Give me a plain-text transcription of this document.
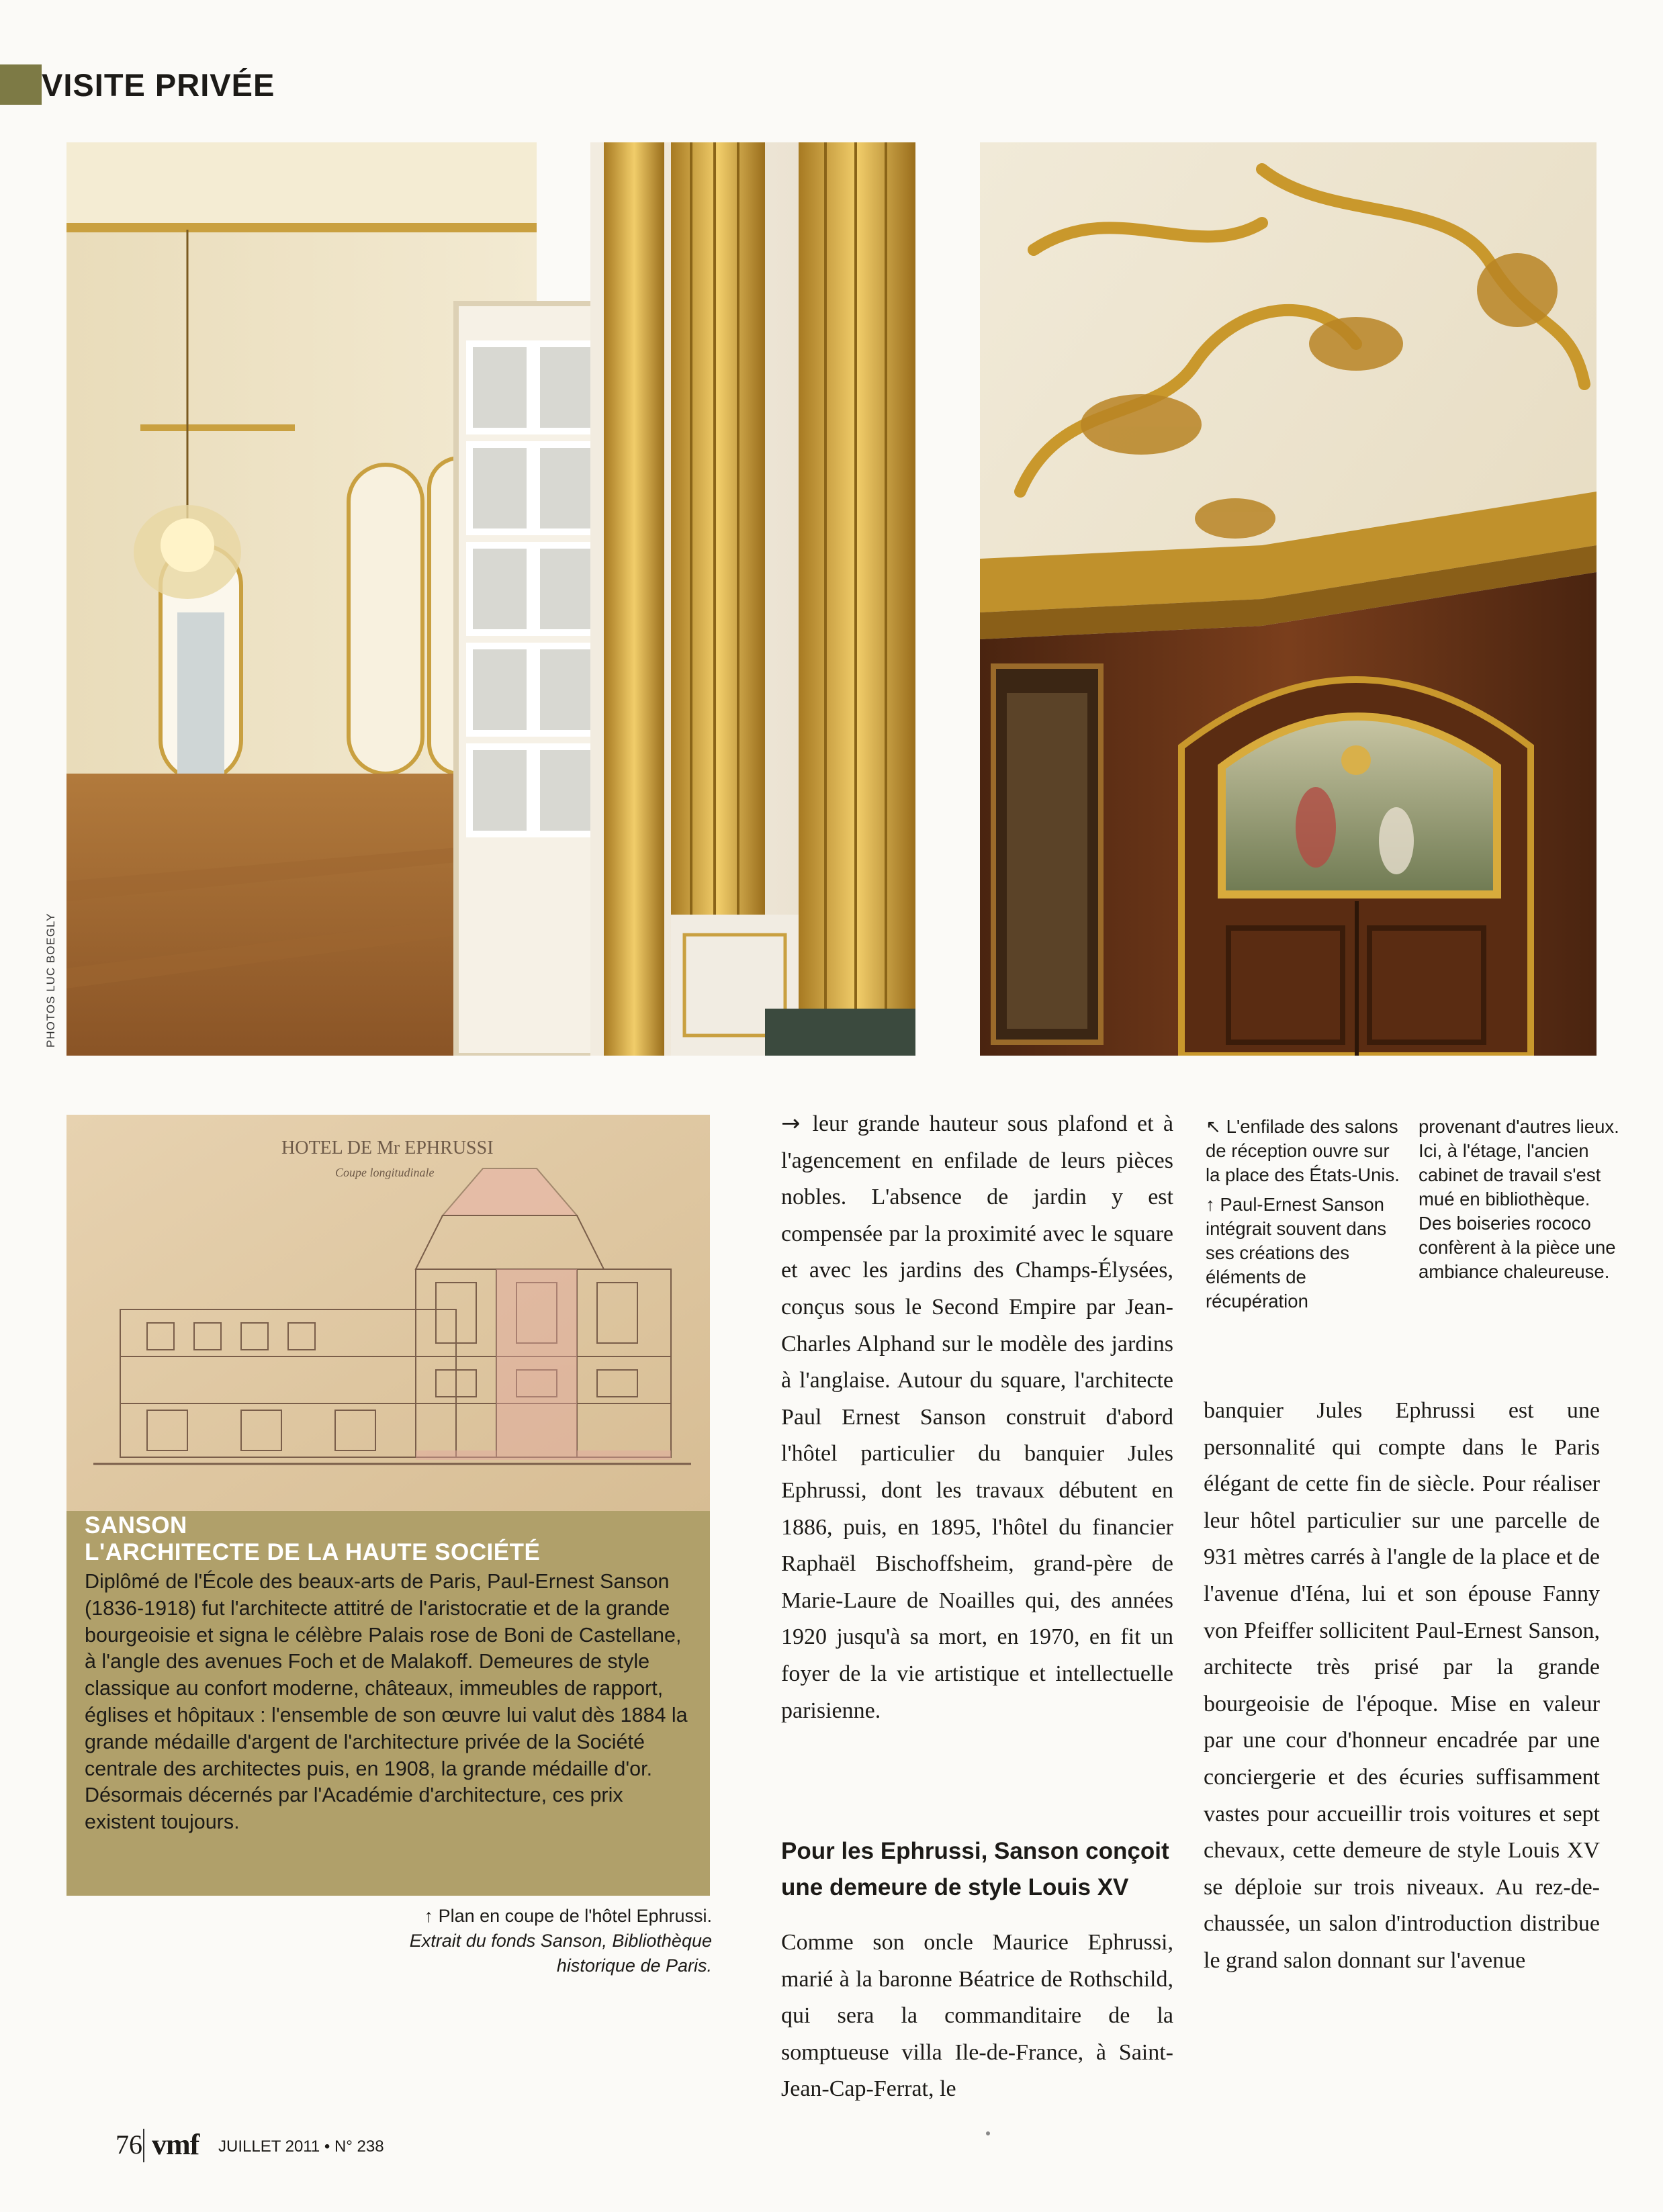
VISITE PRIVÉE
PHOTOS LUC BOEGLY
HOTEL DE Mr EPHRUSSI
Coupe longitudinale
SANSON
L'ARCHITECTE DE LA HAUTE SOCIÉTÉ

Diplômé de l'École des beaux-arts de Paris, Paul-Ernest Sanson (1836-1918) fut l'architecte attitré de l'aristocratie et de la grande bourgeoisie et signa le célèbre Palais rose de Boni de Castellane, à l'angle des avenues Foch et de Malakoff. Demeures de style classique au confort moderne, châteaux, immeubles de rapport, églises et hôpitaux : l'ensemble de son œuvre lui valut dès 1884 la grande médaille d'argent de l'architecture privée de la Société centrale des architectes puis, en 1908, la grande médaille d'or. Désormais décernés par l'Académie d'architecture, ces prix existent toujours.

↑ Plan en coupe de l'hôtel Ephrussi.
Extrait du fonds Sanson, Bibliothèque
historique de Paris.

→ leur grande hauteur sous plafond et à l'agencement en enfilade de leurs pièces nobles. L'absence de jardin y est compensée par la proximité avec le square et avec les jardins des Champs-Élysées, conçus sous le Second Empire par Jean-Charles Alphand sur le modèle des jardins à l'anglaise. Autour du square, l'architecte Paul Ernest Sanson construit d'abord l'hôtel particulier du banquier Jules Ephrussi, dont les travaux débutent en 1886, puis, en 1895, l'hôtel du financier Raphaël Bischoffsheim, grand-père de Marie-Laure de Noailles qui, des années 1920 jusqu'à sa mort, en 1970, en fit un foyer de la vie artistique et intellectuelle parisienne.

Pour les Ephrussi, Sanson conçoit
une demeure de style Louis XV

Comme son oncle Maurice Ephrussi, marié à la baronne Béatrice de Rothschild, qui sera la commanditaire de la somptueuse villa Ile-de-France, à Saint-Jean-Cap-Ferrat, le

↖ L'enfilade des salons de réception ouvre sur la place des États-Unis.

↑ Paul-Ernest Sanson intégrait souvent dans ses créations des éléments de récupération

provenant d'autres lieux. Ici, à l'étage, l'ancien cabinet de travail s'est mué en bibliothèque. Des boiseries rococo confèrent à la pièce une ambiance chaleureuse.

banquier Jules Ephrussi est une personnalité qui compte dans le Paris élégant de cette fin de siècle. Pour réaliser leur hôtel particulier sur une parcelle de 931 mètres carrés à l'angle de la place et de l'avenue d'Iéna, lui et son épouse Fanny von Pfeiffer sollicitent Paul-Ernest Sanson, architecte très prisé par la grande bourgeoisie de l'époque. Mise en valeur par une cour d'honneur encadrée par une conciergerie et des écuries suffisamment vastes pour accueillir trois voitures et sept chevaux, cette demeure de style Louis XV se déploie sur trois niveaux. Au rez-de-chaussée, un salon d'introduction distribue le grand salon donnant sur l'avenue

76 vmf JUILLET 2011 • N° 238
